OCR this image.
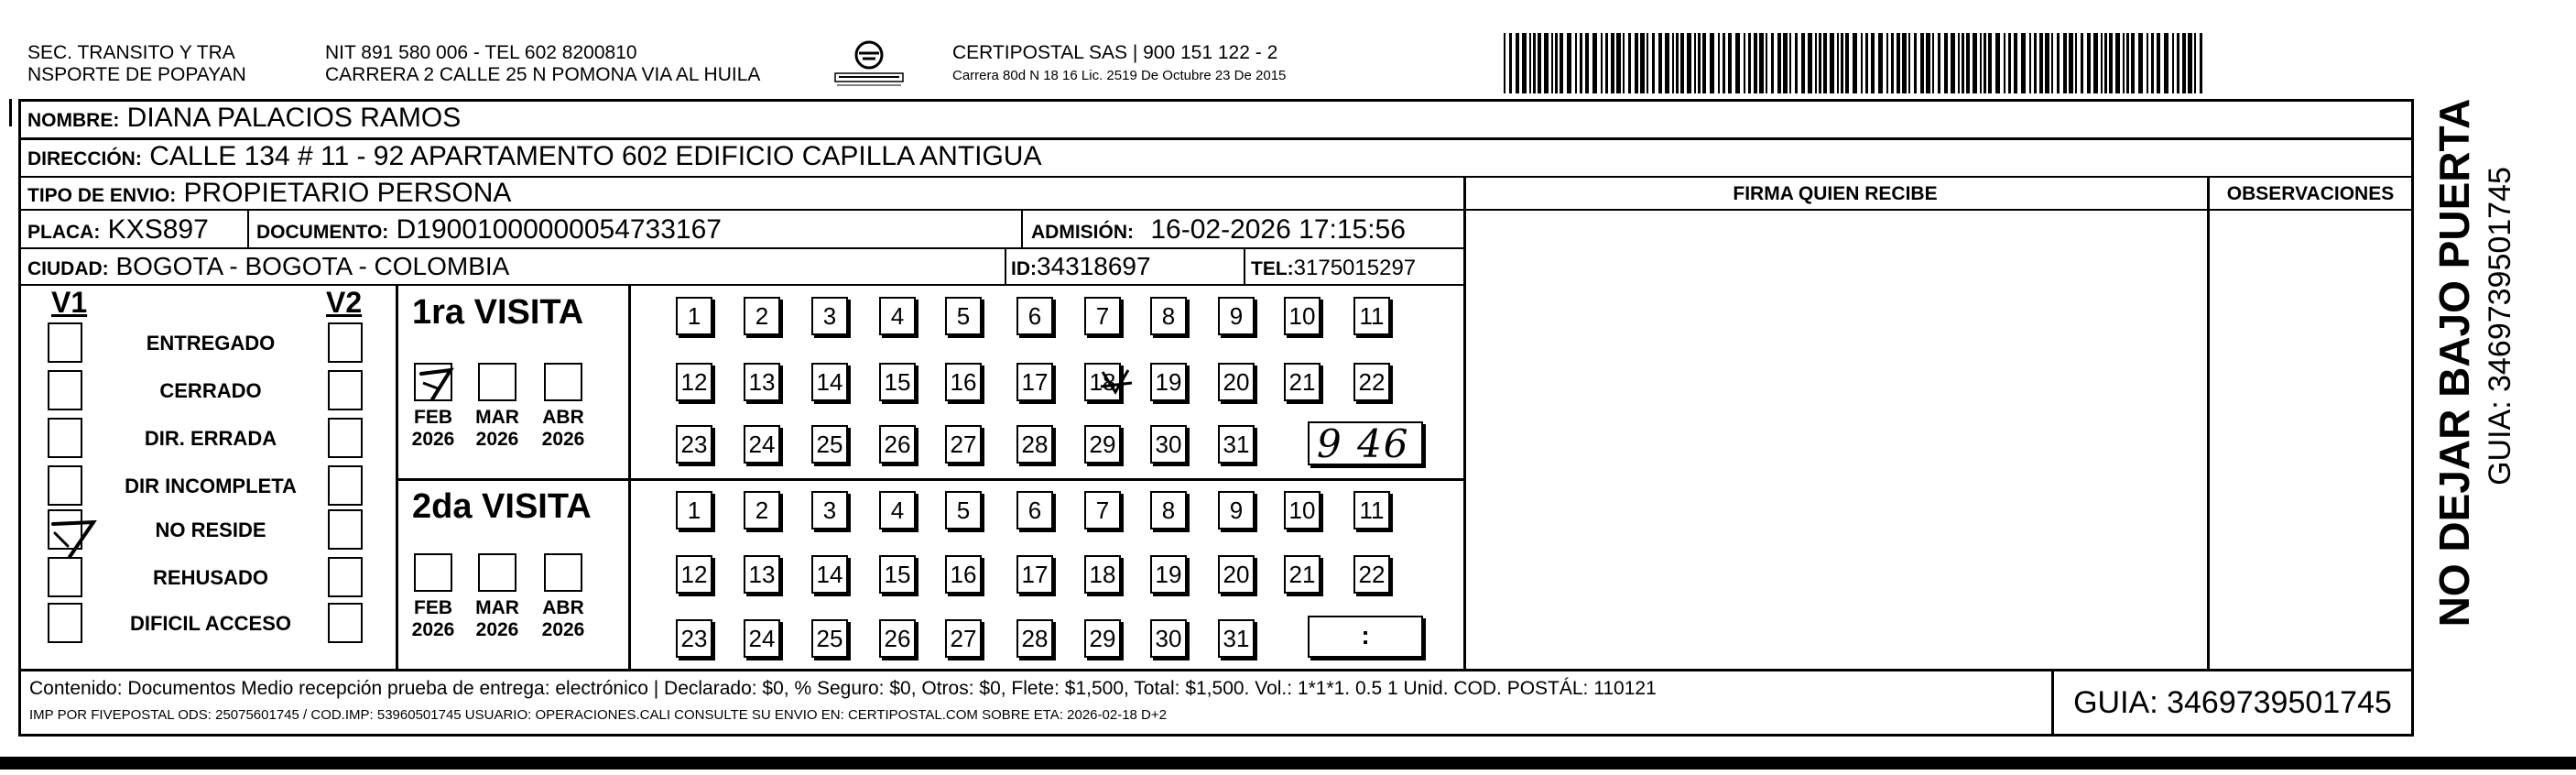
SEC. TRANSITO Y TRA
NSPORTE DE POPAYAN
NIT 891 580 006 - TEL 602 8200810
CARRERA 2 CALLE 25 N POMONA VIA AL HUILA
CERTIPOSTAL SAS | 900 151 122 - 2
Carrera 80d N 18 16 Lic. 2519 De Octubre 23 De 2015
NOMBRE: DIANA PALACIOS RAMOS
DIRECCIÓN: CALLE 134 # 11 - 92 APARTAMENTO 602 EDIFICIO CAPILLA ANTIGUA
TIPO DE ENVIO: PROPIETARIO PERSONA
PLACA: KXS897 DOCUMENTO: D19001000000054733167	ADMISIÓN: 16-02-2026 17:15:56
CIUDAD: BOGOTA - BOGOTA - COLOMBIA	ID:34318697	TEL:3175015297
FIRMA QUIEN RECIBE	OBSERVACIONES
V1	V2
ENTREGADO
CERRADO
DIR. ERRADA
DIR INCOMPLETA
NO RESIDE
REHUSADO
DIFICIL ACCESO
1ra VISITA
2da VISITA
FEB
2026
MAR
2026
ABR
2026
FEB
2026
MAR
2026
ABR
2026
1	2	3	4	5	6	7	8	9	10 11
12 13 14 15 16 17 18 19 20 21 22
23 24 25 26 27 28 29 30 31
1	2	3	4	5	6	7	8	9	10 11
12 13 14 15 16 17 18 19 20 21 22
23 24 25 26 27 28 29 30 31
9 46
:
Contenido: Documentos Medio recepción prueba de entrega: electrónico | Declarado: $0, % Seguro: $0, Otros: $0, Flete: $1,500, Total: $1,500. Vol.: 1*1*1. 0.5 1 Unid. COD. POSTÁL: 110121
IMP POR FIVEPOSTAL ODS: 25075601745 / COD.IMP: 53960501745 USUARIO: OPERACIONES.CALI CONSULTE SU ENVIO EN: CERTIPOSTAL.COM SOBRE ETA: 2026-02-18 D+2	GUIA: 3469739501745
NO DEJAR BAJO PUERTA GUIA: 3469739501745
